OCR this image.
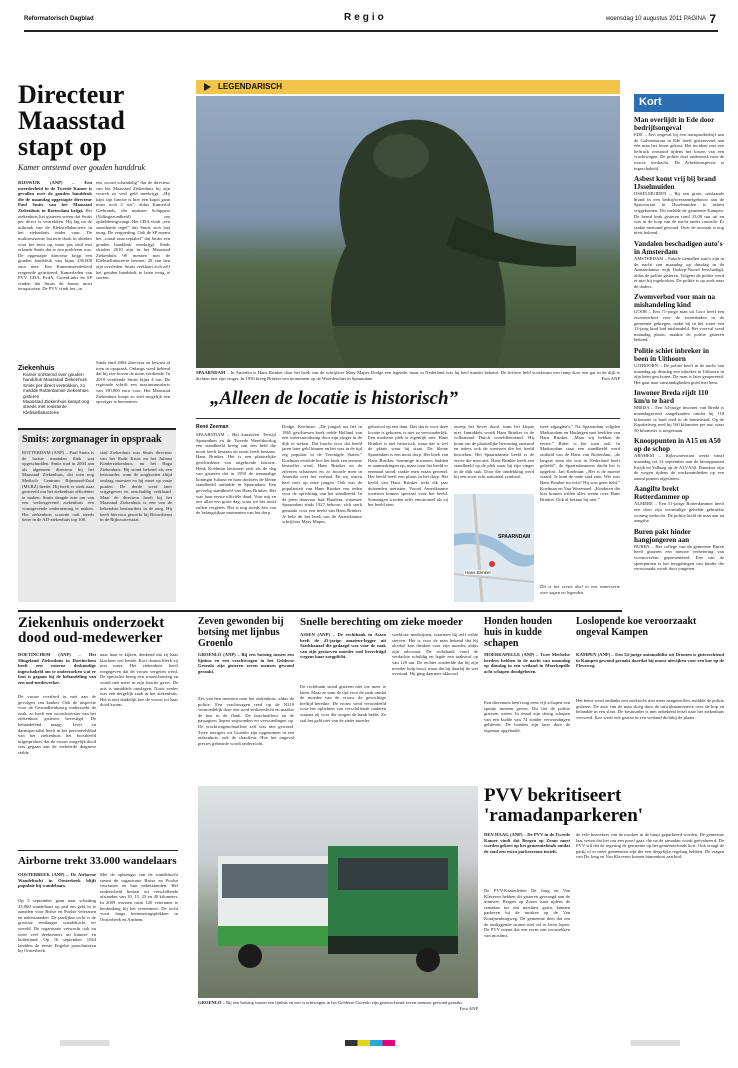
Reformatorisch Dagblad	Regio	woensdag 10 augustus 2011 PAGINA 7
Directeur Maasstad stapt op
Kamer ontstemd over gouden handdruk
RIJSWIJK (ANP) – Een meerderheid in de Tweede Kamer is gevallen over de gouden handdruk die de maandag opgestapte directeur Paul Smits van het Maasstad Ziekenhuis in Rotterdam krijgt. Het ziekenhuis liet gisteren weten dat Smits per direct is vertrokken. Hij lag na de uitbraak van de Klebsiellabacterie in het ziekenhuis onder vuur. De multiresistente bacterie dook in oktober voor het eerst op, maar pas eind mei erkende Smits dat er een probleem was. De opgestapte directeur krijgt een gouden handdruk van bijna 236.000 euro mee. Een Kamermeerderheid reageerde geïrriteerd. Kamerleden van PVV, CDA, PvdA, GroenLinks en SP vinden dat Smits de bonus moet terugstorten. De PVV vindt het „in
een woord schandalig” dat de directeur van het Maasstad Ziekenhuis bij zijn vertrek zo veel geld meekrijgt. „Hij kapt zijn functie is hier een kapot gaan maar toch 2 ton”, aldus Kamerlid Gerbrands, die minister Schippers (Volksgezondheid) om ophelderingvraagt. Het CDA vindt „een snoeiharde regel” dat Smits zich laat terug. De vergoeding. Ook de SP noemt het „totaal onacceptabel” dat Smits een gouden handdruk meekrijgt. Sinds oktober 2010 zijn in het Maasstad Ziekenhuis 98 mensen met de Klebsiellabacterie besmet; 28 van hen zijn overleden. Smits verklaart zich zelf het gouden handdruk te laten terug te storten.
Sinds eind 2004 directeur en bewust al toen in opspraak. Onlangs werd bekend dat hij vier boven de norm verdiende. In 2010 verdiende Smits bijna 4 ton. De regionale schrift een maximumsalaris van 190.000 euro voor. Het Maasstad Ziekenhuis hoopt zo snel mogelijk een opvolger te benoemen.
Ziekenhuis
Kamer ontstemd over gouden handdruk Maasstad Ziekenhuis
Smits per direct vertrokken, zo meldde Rotterdamse ziekenhuis gisteren
Maasstad Ziekenhuis kampt nog steeds met resistente Klebsiellabacterie
Smits: zorgmanager in opspraak
ROTTERDAM (ANP) – Paul Smits is de laatste maanden flink wat opgeschudden. Smits trad in 2004 aan als algemeen directeur bij het Maasstad Ziekenhuis, dat toen nog Medisch Centrum Rijnmond-Zuid (MCRZ) heette. Hij heeft er sterk naar gestreefd om het ziekenhuis efficiënter te maken. Smits daagde erin om van een verliesgevend ziekenhuis een winstgevende onderneming te maken. Het ziekenhuis scoorde ook steeds beter in de AD-ziekenhuis top 100.
stad Ziekenhuis was Smits directeur van het Rode Kruis en het Juliana Kinderziekenhuis, nu het Haga Ziekenhuis. Hij stond bekend als een bestuurder, want de zorgkosten altijd omlaag moesten en hij moet op vaste punten. De derde werd later vrijgegeven en onschuldig verklaard. Maar de directeur heeft bij het Maasstad Ziekenhuis is een van de bekendste bestuurders in de zorg. Hij heeft hiervoor gewerkt bij Bouwdienst in de Rijkswaterstaat.
LEGENDARISCH
SPAARNDAM – In Amerika is Hans Brinker door het boek van de schrijfster Mary Mapes Dodge een legende, maar in Nederland was hij heel minder bekend. De fictieve held voorkwam een ramp door een gat in de dijk te dichten met zijn vinger. In 1950 kreeg Brinker een monument op de Woerdersluis in Spaarndam.	Foto ANP
„Alleen de locatie is historisch”
René Zeeman
SPAARNDAM – Het kunstelen. Terwijl Spaarndam en de Tweede Wereldoorlog een standbeeld kreeg van een held die nooit heeft bestaan en nooit heeft bestaan. Hans Brinker. Het is een plaatselijke geschiedenis van uitgebreide historie. Henk Koelman herinnert zich als de dag van gisteren dat in 1950 de toenmalige koningin Juliana en haar dochters de kleine standbeeld onthulde in Spaarndam. Een gevoelig standbeeld van Hans Brinker. Het was haar eerste officiële daad. Voor mij en ons allen een grote dag, waar we het nooit zullen vergeten. Het is nog steeds één van de belangrijkste momenten van het dorp.
Dodge. Koelman: „De jongen uit het in 1865 geschreven boek redde Holland van een watersnoodramp door zijn vinger in de dijk te steken. Dat bracht voor dat beeld jaren later geld binnen en het was in de tijd erg populair in de Verenigde Staten.” Koelman vertelde hoe het boek een enorme bestseller werd. Hans Brinker en de zilveren schaatsen en zo hoorde men in Amerika over het verhaal. En wij waren heel trots op onze jongen. Ook was de populariteit van Hans Brinker een reden voor de oprichting van het standbeeld. In de jaren daarvoor had Haarlem, waarmee Spaarndam sinds 1927 behoort, zich sterk gemaakt voor een beeld van Hans Brinker. Je hebt dit het boek van de Amerikaanse schrijfster Mary Mapes.
gebouwd op een dam. Dus dat er voor deze locatie is gekozen, is niet zo verwonderlijk. Een moderne plek is eigenlijk niet. Hans Brinker is niet historisch, maar dat is wel de plaats waar hij staat. De kleine Spaarndam is een mooi dorp. Het boek van Hans Brinker. Sommige inwoners hadden er aanmerkingen op, maar toen het beeld er eenmaal stond, raakte men eraan gewend. Het beeld heeft een plaats in het dorp. Het beeld van Hans Brinker trekt elk jaar duizenden toeristen. Vooral Amerikaanse toeristen komen speciaal voor het beeld. Sommigen worden zelfs emotioneel als zij het beeld zien.
zweeg het liever dood, want het klopte niet. Inmiddels wordt Hans Brinker in de volksmond Dutch wereldberoemd. Hij komt om de plaatselijke bewoning omarmd en ieders ook de toeristen die het beeld bezoeken. Het Spaarndamse beeld is de eerste die men ziet. Hans Brinker heeft een standbeeld op de plek waar hij zijn vinger in de dijk stak. Door die ontdekking werd hij een soort echt nationaal symbool.
twee zijpagina's.” Na Spaarndam volgden Madurodam en Harlingen met beelden van Hans Brinker. „Maar wij hebben de eerste.” Bitter is het toen ook. In Madurodam staat een standbeeld werd onthuld van de Hans van Rotterdam, „de langste stem die ooit in Nederland heeft geleefd”, de Spaarndammers dacht het is opgelost. Jan Koelman: „Het is de moeite waard. Je kunt de oude stad zien. Wie was Hans Brinker nu echt? Hij was geen held.” Koelman en Van Wezemael: „Kinderen die hier komen willen alles weten over Hans Brinker. Ook al bestaat hij niet.”
Dit is het eerste deel in een zomerserie over sagen en legenden.
SPAARNDAM
Hans Brinker
Kort
Man overlijdt in Ede door bedrijfsongeval
EDE – Een ongeval bij een transportbedrijf aan de Galvanistraat in Ede heeft gisteravond aan één man het leven gekost. Het incident met een heftruck ontstond tijdens het lossen van een vrachtwagen. De politie doet onderzoek naar de exacte toedracht. De Arbeidsinspectie is ingeschakeld.
Asbest komt vrij bij brand IJsselmuiden
IJSSELMUIDEN – Bij een grote, uitslaande brand in een bedrijfsverzamelgebouw aan de Spoorstraat in IJsselmuiden is asbest vrijgekomen. Dit meldde de gemeente Kampen. De brand brak gisteren rond 23.00 uur uit en was in de loop van de nacht onder controle. Er raakte niemand gewond. Over de oorzaak is nog niets bekend.
Vandalen beschadigen auto's in Amsterdam
AMSTERDAM – Enkele tientallen auto's zijn in de nacht van maandag op dinsdag in de Amsterdamse wijk Osdorp-Noord beschadigd, aldus de politie gisteren. Volgens de politie werd er niet bij ingebroken. De politie is op zoek naar de daders.
Zwemverbod voor man na mishandeling kind
GOOR – Een 71-jarige man uit Goor heeft een zwemverbod voor de zwembaden in de gemeente gekregen, nadat hij in het water een 13-jarig kind had mishandeld. Het voorval vond maandag plaats, maakte de politie gisteren bekend.
Politie schiet inbreker in been in Uithoorn
UITHOORN – De politie heeft in de nacht van maandag op dinsdag een inbreker in Uithoorn in zijn been geschoten. De man is later geopereerd. Het gaat naar omstandigheden goed met hem.
Inwoner Breda rijdt 110 km/u te hard
BREDA – Een 34-jarige inwoner van Breda is maandagavond aangehouden omdat hij 110 kilometer te hard reed in de binnenstad. Op de Kapittelweg reed hij 160 kilometer per uur, waar 50 kilometer is toegestaan.
Knooppunten in A15 en A50 op de schop
ARNHEM – Rijkswaterstaat werkt vanaf maandag tot 14 september aan de knooppunten Ewijk en Valburg op de A15/A50. Daardoor zijn de wegen tijdens de werkzaamheden op een aantal punten afgesloten.
Aangifte brekt Rotterdammer op
ALMERE – Een 51-jarige Rotterdammer heeft een door zijn voormalige geliefde gebruikte woning verkocht. De politie hield de man aan na aangifte.
Buren pakt hinder hangjongeren aan
BUREN – Het college van de gemeente Buren heeft gisteren een nieuwe verbetering van woonoverlast gepresenteerd. Een van de speerpunten is het terugdringen van hinder die veroorzaakt wordt door jongeren.
Ziekenhuis onderzoekt dood oud-medewerker
DOETINCHEM (ANP) – Het Slingeland Ziekenhuis in Doetinchem heeft een externe deskundige ingeschakeld om te onderzoeken wat er fout is gegaan bij de behandeling van een oud-medewerker.
De vrouw overleed in mei aan de gevolgen van kanker. Ook de inspectie voor de Gezondheidszorg onderzoekt de zaak, zo heeft een woordvoerster van het ziekenhuis gisteren bevestigd. De behandelend maag-, lever en darmspecialist heeft in het personeelsblad van het ziekenhuis het borstbeeld uitgesproken, dat de vrouw mogelijk dood was gegaan aan de verkeerde diagnose stelde.
naar haar te kijken, denkend dat zij haar klachten wel kende. Kort daarna bleek zij niet meer. Het ziekenhuis heeft toegegeven dat de vrouw vergeten werd. De specialist kreeg een waarschuwing en wordt niet meer in zijn functie gezet. De arts is inmiddels ontslagen. Nooit eerder was een dergelijk zaak in het ziekenhuis. Het is niet duidelijk hoe de vrouw tot haar dood kwam.
Airborne trekt 33.000 wandelaars
OOSTERBEEK (ANP) – De Airborne Wandeltocht in Oosterbeek blijft populair bij wandelaars.
Op 3 september gaan naar schatting 33.000 wandelaars op pad om geld in te zamelen voor Britse en Poolse veteranen en nabestaanden. De jaarlijkse tocht is de grootste eendaagse wandeltocht ter wereld. De organisatie verwacht ook nu weer veel deelnemers uit binnen- en buitenland. Op 16 september 1944 landden de eerste Engelse parachutisten bij Oosterbeek.
Met de opbrengst van de wandeltocht steunt de organisatie Britse en Poolse veteranen en hun nabestaanden. Het onderscheid bestaat uit verschillende afstanden van 10, 15, 25 en 40 kilometer. In 2009 wonnen ruim 120 veteranen te herdenking bij het evenement. De tocht voert langs herinneringsplekken in Oosterbeek en Arnhem.
Zeven gewonden bij botsing met lijnbus Groenlo
GROENLO (ANP) – Bij een botsing tussen een lijnbus en een vrachtwagen in het Gelderse Groenlo zijn gisteren zeven mensen gewond geraakt.
Zes van hen moesten naar het ziekenhuis, aldus de politie. Een vrachtwagen reed op de N319 vermoedelijk door een rood verkeerslicht en maakte de bus in de flank. De buschauffeur en de passagiers liepen snijwonden en verwondingen op. De vrachtwagenchauffeur zelf was niet gewond. Twee reizigers uit Groenlo zijn opgenomen in een ziekenhuis, ook de chauffeur. Hoe het ongeval precies gebeurde wordt onderzocht.
Snelle berechting om zieke moeder
ASSEN (ANP) – De rechtbank in Assen heeft de 43-jarige amateur-legger uit Stadskanaal die gedaagd was voor de zaak van zijn gestorven moeder snel berechtigd wegens haar zorgplicht.
De rechtbank stond gisteren niet toe meer te laten. Maar ze nam de tijd voor de zaak omdat de moeder van de vrouw de gewichtige leeftijd bereikte. De vrouw werd veroordeeld voor het oplichten van verschillende ouderen waarna zij voor die zorgen de bank belde. Ze stal het geld niet van de zieke moeder.
werkloze medicijnen, waarmee hij zelf wilde sterven. Het is voor de man bekend dat hij alcohol kon drinken voor zijn moeder, aldus zijn advocaat. De rechtbank vond de verdachte schuldig en legde een taakstraf op van 120 uur. De rechter oordeelde dat hij zijn moeder hulp bood, maar dat hij daarbij de wet overtrad. Hij ging daarmee akkoord.
Honden houden huis in kudde schapen
MOERKAPELLE (ANP) – Twee Mechelse herders hebben in de nacht van maandag op dinsdag in een weiland in Moerkapelle acht schapen doodgebeten.
Een dierenarts heeft nog eens vijf schapen een spuitje moeten geven. Dit liet de politie gisteren weten. In totaal zijn dertig schapen van een kudde van 74 zonder verwondingen gebleven. De honden zijn later door de eigenaar opgehaald.
Loslopende koe veroorzaakt ongeval Kampen
KAMPEN (ANP) – Een 54-jarige automobilist uit Dronten is gisterochtend in Kampen gewond geraakt doordat hij moest uitwijken voor een koe op de Flevoweg.
Het beest werd ondanks een zoektocht niet meer aangetroffen, meldde de politie gisteren. De auto van de man sloeg door de uitwijkmanoeuvre over de kop en belandde in een sloot. De bestuurder is met onbekend letsel naar het ziekenhuis vervoerd. Koe werd ook gezien in een weiland dichtbij de plaats.
GROENLO – Bij een botsing tussen een lijnbus en een vrachtwagen in het Gelderse Groenlo zijn gisterochtend zeven mensen gewond geraakt.
Foto ANP
PVV bekritiseert 'ramadanparkeren'
DEN HAAG (ANP) – De PVV in de Tweede Kamer vindt dat Bergen op Zoom moet worden gekort op het gemeentefonds omdat de stad een extra parkeerzone instelt.
De PVV-Kamerleden De Jong en Van Klaveren hebben dit gisteren gevraagd aan de minister. Bergen op Zoom staat tijdens de ramadan toe dat moslims gratis kunnen parkeren bij de moskee op de Van Konijnenburgweg. De gemeente doet dat om de omliggende straten niet vol te laten lopen. De PVV noemt dat een vorm van voortrekken van moslims.
de vele bezoekers van de moskee in de buurt geparkeerd worden. De gemeente laat weten dat het om een proef gaat, die na de ramadan wordt geëvalueerd. De PVV wil dat de regering de gemeente op het gemeentefonds kort. Ook vraagt de partij of er meer gemeenten zijn die een dergelijke regeling hebben. De vragen van De Jong en Van Klaveren komen binnenkort aan bod.
